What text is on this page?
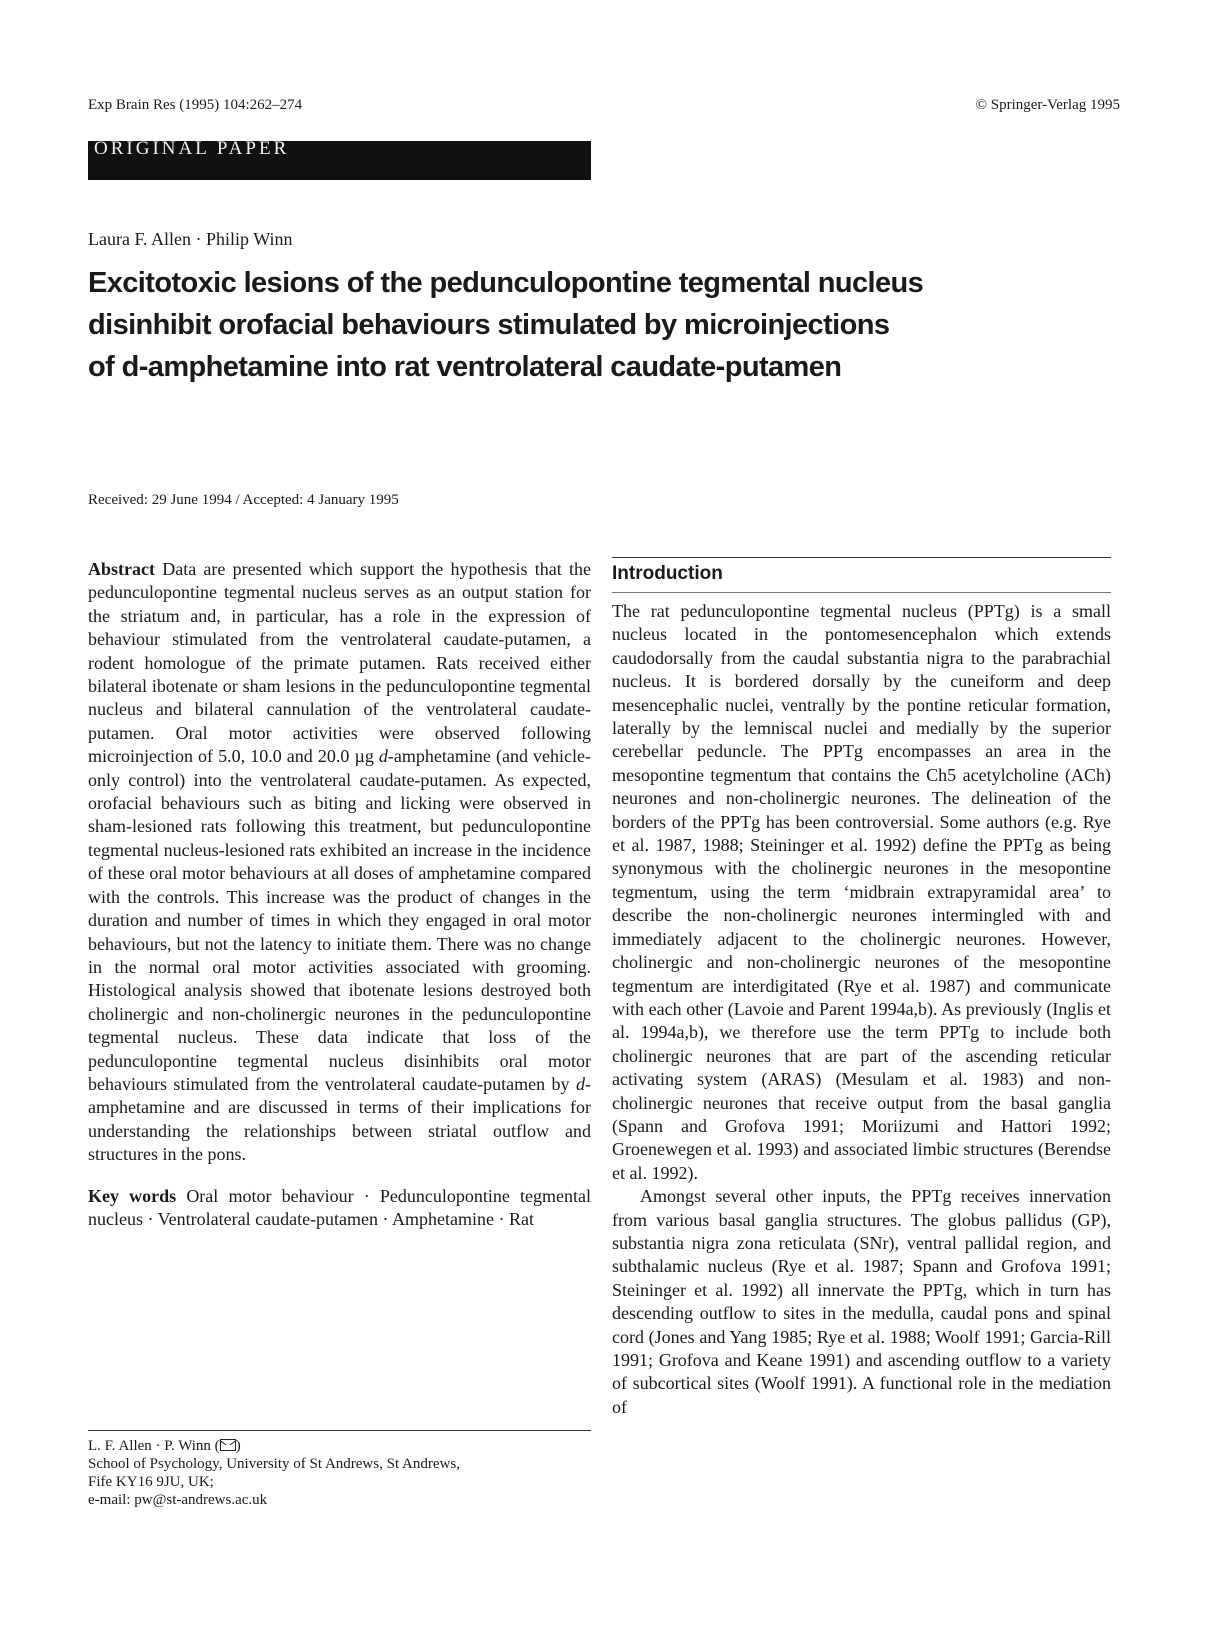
Exp Brain Res (1995) 104:262–274	© Springer-Verlag 1995
ORIGINAL PAPER
Laura F. Allen · Philip Winn
Excitotoxic lesions of the pedunculopontine tegmental nucleus
disinhibit orofacial behaviours stimulated by microinjections
of d-amphetamine into rat ventrolateral caudate-putamen
Received: 29 June 1994 / Accepted: 4 January 1995

Abstract Data are presented which support the hypothesis that the pedunculopontine tegmental nucleus serves as an output station for the striatum and, in particular, has a role in the expression of behaviour stimulated from the ventrolateral caudate-putamen, a rodent homologue of the primate putamen. Rats received either bilateral ibotenate or sham lesions in the pedunculopontine tegmental nucleus and bilateral cannulation of the ventrolateral caudate-putamen. Oral motor activities were observed following microinjection of 5.0, 10.0 and 20.0 µg d-amphetamine (and vehicle-only control) into the ventrolateral caudate-putamen. As expected, orofacial behaviours such as biting and licking were observed in sham-lesioned rats following this treatment, but pedunculopontine tegmental nucleus-lesioned rats exhibited an increase in the incidence of these oral motor behaviours at all doses of amphetamine compared with the controls. This increase was the product of changes in the duration and number of times in which they engaged in oral motor behaviours, but not the latency to initiate them. There was no change in the normal oral motor activities associated with grooming. Histological analysis showed that ibotenate lesions destroyed both cholinergic and non-cholinergic neurones in the pedunculopontine tegmental nucleus. These data indicate that loss of the pedunculopontine tegmental nucleus disinhibits oral motor behaviours stimulated from the ventrolateral caudate-putamen by d-amphetamine and are discussed in terms of their implications for understanding the relationships between striatal outflow and structures in the pons.

Key words Oral motor behaviour · Pedunculopontine tegmental nucleus · Ventrolateral caudate-putamen · Amphetamine · Rat

L. F. Allen · P. Winn ( )
School of Psychology, University of St Andrews, St Andrews,
Fife KY16 9JU, UK;
e-mail: pw@st-andrews.ac.uk
Introduction

The rat pedunculopontine tegmental nucleus (PPTg) is a small nucleus located in the pontomesencephalon which extends caudodorsally from the caudal substantia nigra to the parabrachial nucleus. It is bordered dorsally by the cuneiform and deep mesencephalic nuclei, ventrally by the pontine reticular formation, laterally by the lemniscal nuclei and medially by the superior cerebellar peduncle. The PPTg encompasses an area in the mesopontine tegmentum that contains the Ch5 acetylcholine (ACh) neurones and non-cholinergic neurones. The delineation of the borders of the PPTg has been controversial. Some authors (e.g. Rye et al. 1987, 1988; Steininger et al. 1992) define the PPTg as being synonymous with the cholinergic neurones in the mesopontine tegmentum, using the term ‘midbrain extrapyramidal area’ to describe the non-cholinergic neurones intermingled with and immediately adjacent to the cholinergic neurones. However, cholinergic and non-cholinergic neurones of the mesopontine tegmentum are interdigitated (Rye et al. 1987) and communicate with each other (Lavoie and Parent 1994a,b). As previously (Inglis et al. 1994a,b), we therefore use the term PPTg to include both cholinergic neurones that are part of the ascending reticular activating system (ARAS) (Mesulam et al. 1983) and non-cholinergic neurones that receive output from the basal ganglia (Spann and Grofova 1991; Moriizumi and Hattori 1992; Groenewegen et al. 1993) and associated limbic structures (Berendse et al. 1992).

Amongst several other inputs, the PPTg receives innervation from various basal ganglia structures. The globus pallidus (GP), substantia nigra zona reticulata (SNr), ventral pallidal region, and subthalamic nucleus (Rye et al. 1987; Spann and Grofova 1991; Steininger et al. 1992) all innervate the PPTg, which in turn has descending outflow to sites in the medulla, caudal pons and spinal cord (Jones and Yang 1985; Rye et al. 1988; Woolf 1991; Garcia-Rill 1991; Grofova and Keane 1991) and ascending outflow to a variety of subcortical sites (Woolf 1991). A functional role in the mediation of
